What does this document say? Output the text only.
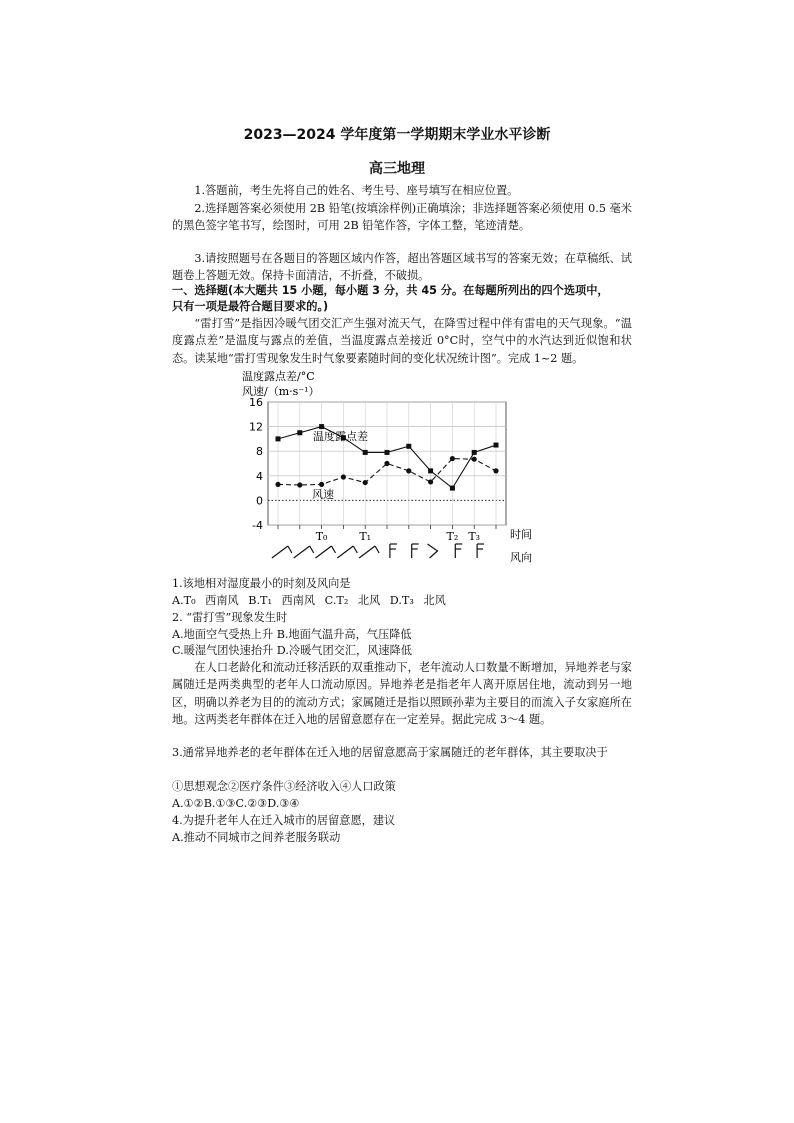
2023—2024 学年度第一学期期末学业水平诊断
高三地理
1.答题前，考生先将自己的姓名、考生号、座号填写在相应位置。
2.选择题答案必须使用 2B 铅笔(按填涂样例)正确填涂；非选择题答案必须使用 0.5 毫米的黑色签字笔书写，绘图时，可用 2B 铅笔作答，字体工整，笔迹清楚。
3.请按照题号在各题目的答题区域内作答，超出答题区域书写的答案无效；在草稿纸、试题卷上答题无效。保持卡面清洁，不折叠，不破损。
一、选择题(本大题共 15 小题，每小题 3 分，共 45 分。在每题所列出的四个选项中，
只有一项是最符合题目要求的。)
“雷打雪”是指因冷暖气团交汇产生强对流天气，在降雪过程中伴有雷电的天气现象。“温度露点差”是温度与露点的差值，当温度露点差接近 0°C时，空气中的水汽达到近似饱和状态。读某地“雷打雪现象发生时气象要素随时间的变化状况统计图”。完成 1~2 题。
温度露点差/°C
风速/（m·s⁻¹）
16
12
8
4
0
-4
T₀	T₁	T₂ T₃	时间
风向
温度露点差
风速
1.该地相对湿度最小的时刻及风向是
A.T₀ 西南风 B.T₁ 西南风 C.T₂ 北风 D.T₃ 北风
2. “雷打雪”现象发生时
A.地面空气受热上升 B.地面气温升高，气压降低
C.暖湿气团快速抬升 D.冷暖气团交汇，风速降低
在人口老龄化和流动迁移活跃的双重推动下，老年流动人口数量不断增加，异地养老与家属随迁是两类典型的老年人口流动原因。异地养老是指老年人离开原居住地，流动到另一地区，明确以养老为目的的流动方式；家属随迁是指以照顾孙辈为主要目的而流入子女家庭所在地。这两类老年群体在迁入地的居留意愿存在一定差异。据此完成 3～4 题。
3.通常异地养老的老年群体在迁入地的居留意愿高于家属随迁的老年群体，其主要取决于
①思想观念②医疗条件③经济收入④人口政策
A.①②B.①③C.②③D.③④
4.为提升老年人在迁入城市的居留意愿，建议
A.推动不同城市之间养老服务联动
